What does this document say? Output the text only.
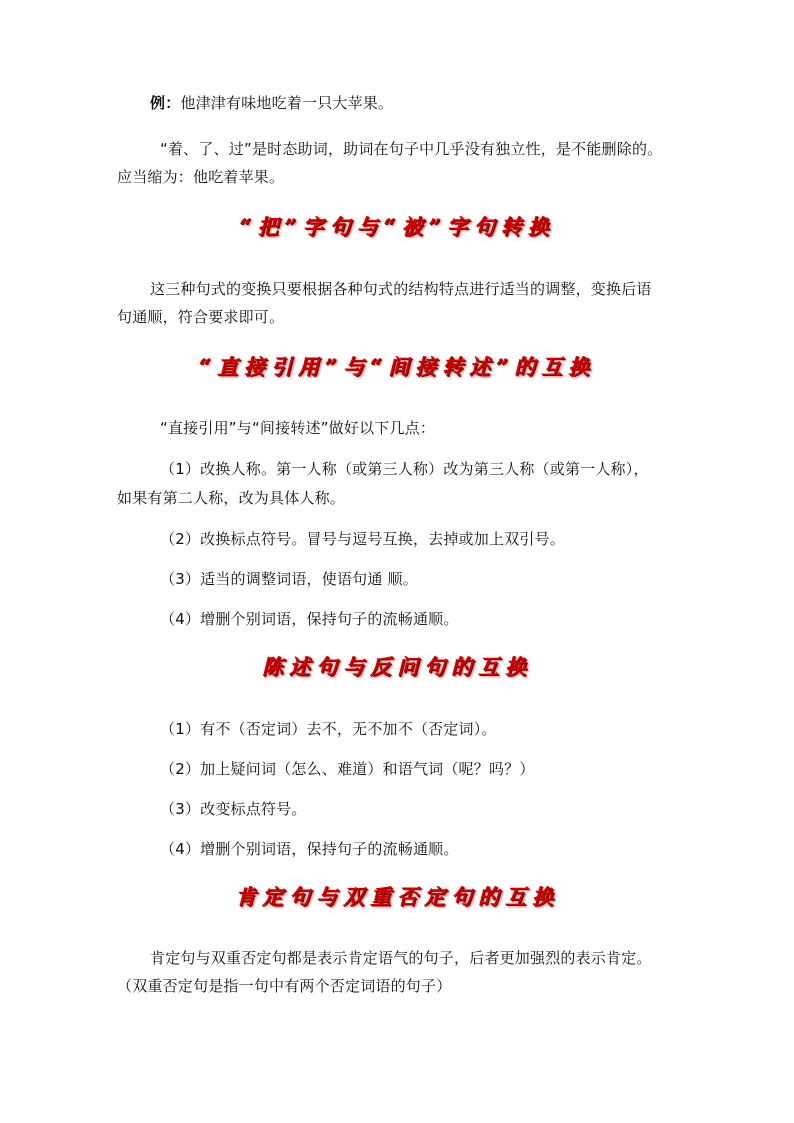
例：他津津有味地吃着一只大苹果。
“着、了、过”是时态助词，助词在句子中几乎没有独立性，是不能删除的。
应当缩为：他吃着苹果。
“把”字句与“被”字句转换
这三种句式的变换只要根据各种句式的结构特点进行适当的调整，变换后语
句通顺，符合要求即可。
“直接引用”与“间接转述”的互换
“直接引用”与“间接转述”做好以下几点：
（1）改换人称。第一人称（或第三人称）改为第三人称（或第一人称），
如果有第二人称，改为具体人称。
（2）改换标点符号。冒号与逗号互换，去掉或加上双引号。
（3）适当的调整词语，使语句通 顺。
（4）增删个别词语，保持句子的流畅通顺。
陈述句与反问句的互换
（1）有不（否定词）去不，无不加不（否定词）。
（2）加上疑问词（怎么、难道）和语气词（呢？吗？）
（3）改变标点符号。
（4）增删个别词语，保持句子的流畅通顺。
肯定句与双重否定句的互换
肯定句与双重否定句都是表示肯定语气的句子，后者更加强烈的表示肯定。
（双重否定句是指一句中有两个否定词语的句子）
